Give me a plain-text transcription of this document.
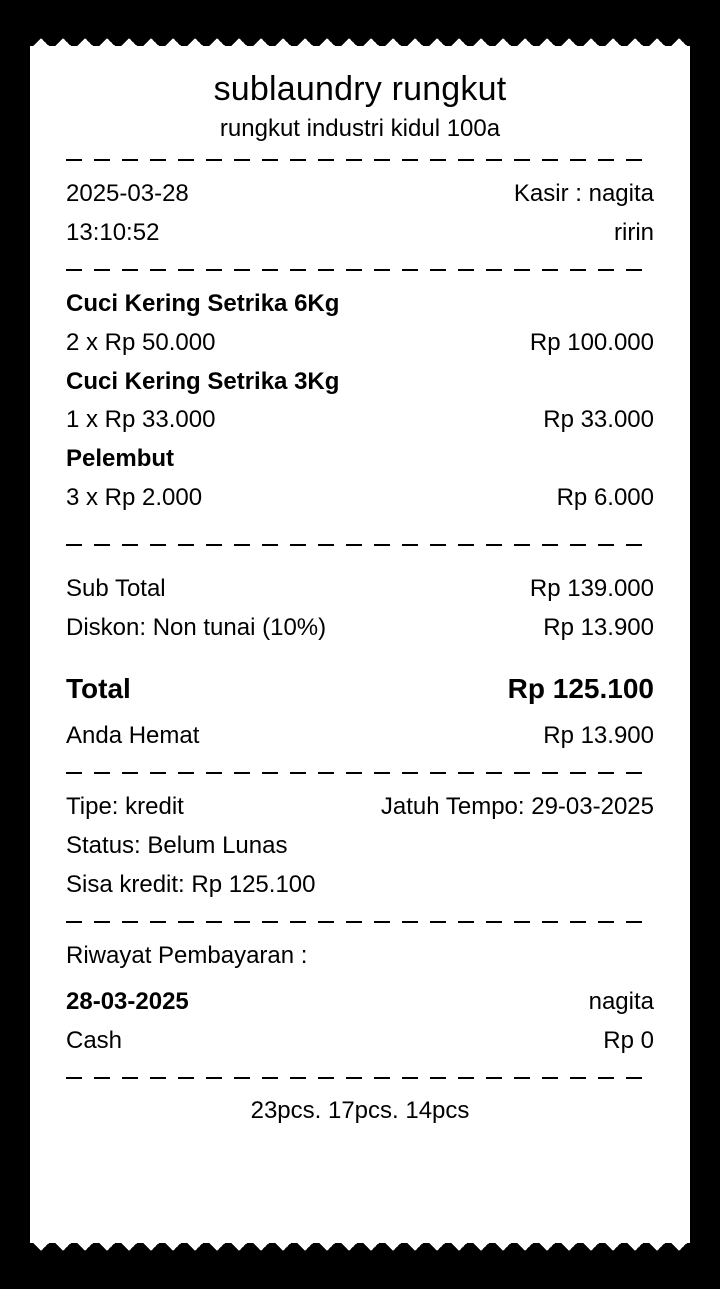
sublaundry rungkut
rungkut industri kidul 100a
2025-03-28	Kasir : nagita
13:10:52	ririn
Cuci Kering Setrika 6Kg
2 x Rp 50.000	Rp 100.000
Cuci Kering Setrika 3Kg
1 x Rp 33.000	Rp 33.000
Pelembut
3 x Rp 2.000	Rp 6.000
Sub Total	Rp 139.000
Diskon: Non tunai (10%)	Rp 13.900
Total	Rp 125.100
Anda Hemat	Rp 13.900
Tipe: kredit	Jatuh Tempo: 29-03-2025
Status: Belum Lunas
Sisa kredit: Rp 125.100
Riwayat Pembayaran :
28-03-2025	nagita
Cash	Rp 0
23pcs. 17pcs. 14pcs
